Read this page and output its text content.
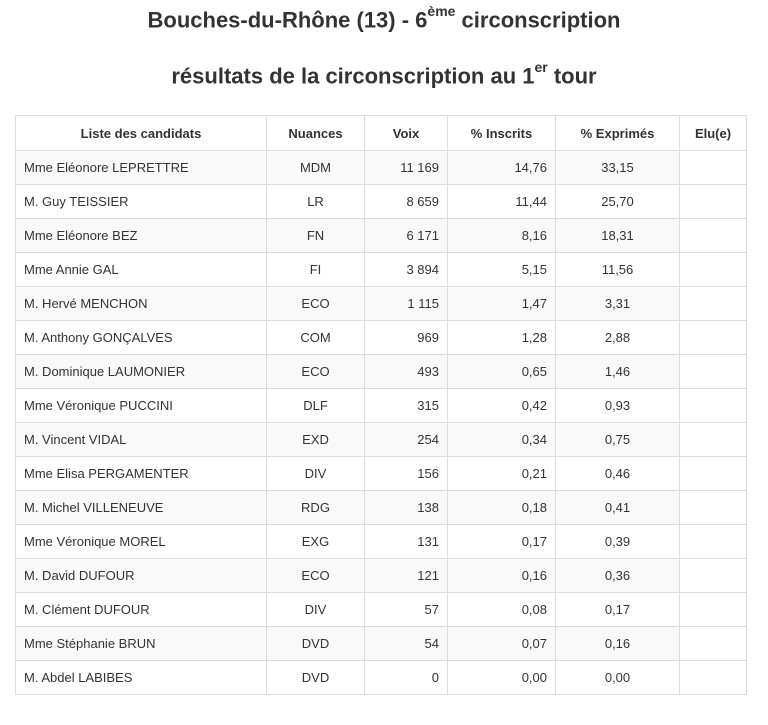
Bouches-du-Rhône (13) - 6ème circonscription
résultats de la circonscription au 1er tour
Liste des candidats	Nuances	Voix	% Inscrits	% Exprimés	Elu(e)
Mme Eléonore LEPRETTRE	MDM	11 169	14,76	33,15	
M. Guy TEISSIER	LR	8 659	11,44	25,70	
Mme Eléonore BEZ	FN	6 171	8,16	18,31	
Mme Annie GAL	FI	3 894	5,15	11,56	
M. Hervé MENCHON	ECO	1 115	1,47	3,31	
M. Anthony GONÇALVES	COM	969	1,28	2,88	
M. Dominique LAUMONIER	ECO	493	0,65	1,46	
Mme Véronique PUCCINI	DLF	315	0,42	0,93	
M. Vincent VIDAL	EXD	254	0,34	0,75	
Mme Elisa PERGAMENTER	DIV	156	0,21	0,46	
M. Michel VILLENEUVE	RDG	138	0,18	0,41	
Mme Véronique MOREL	EXG	131	0,17	0,39	
M. David DUFOUR	ECO	121	0,16	0,36	
M. Clément DUFOUR	DIV	57	0,08	0,17	
Mme Stéphanie BRUN	DVD	54	0,07	0,16	
M. Abdel LABIBES	DVD	0	0,00	0,00	
